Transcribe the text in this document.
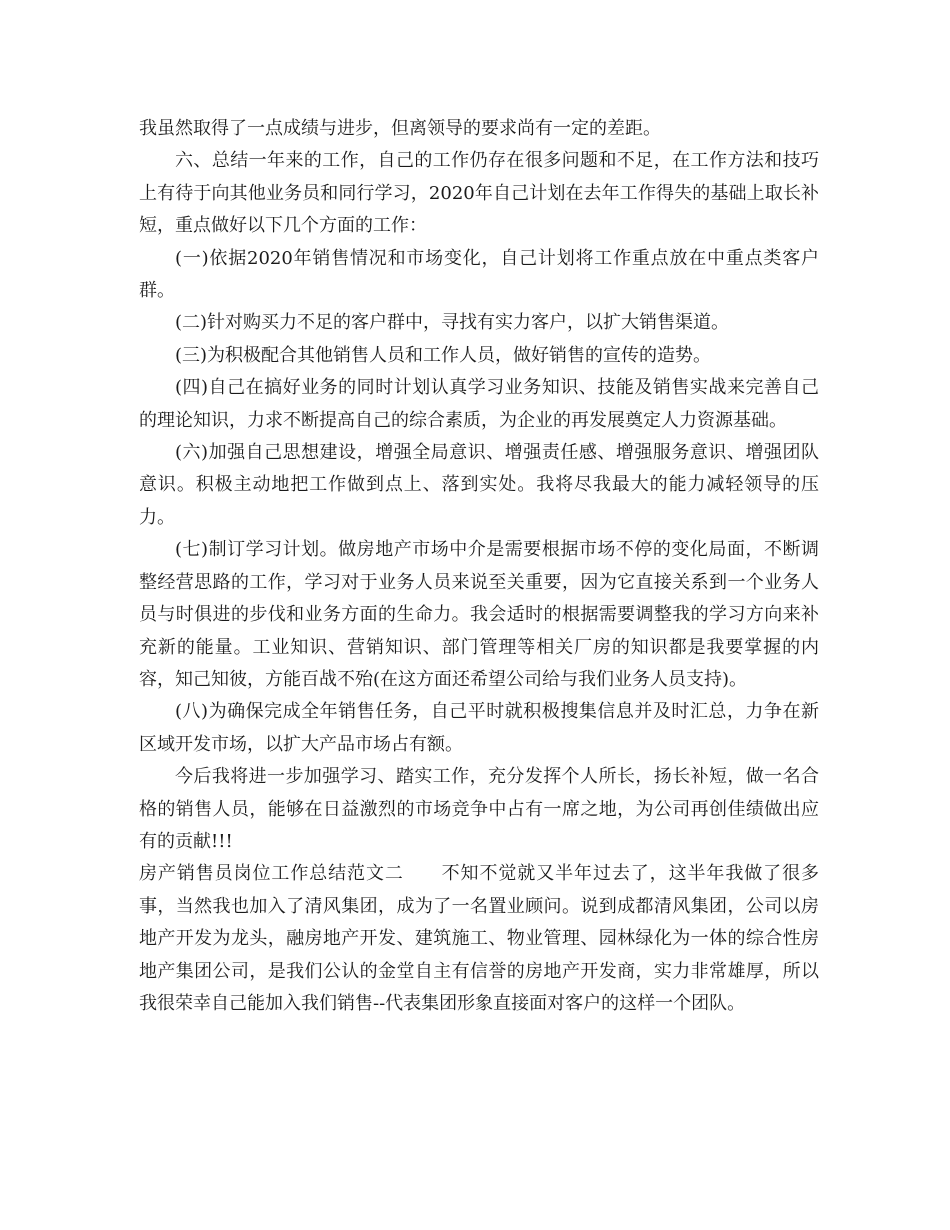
我虽然取得了一点成绩与进步，但离领导的要求尚有一定的差距。

六、总结一年来的工作，自己的工作仍存在很多问题和不足，在工作方法和技巧上有待于向其他业务员和同行学习，2020年自己计划在去年工作得失的基础上取长补短，重点做好以下几个方面的工作：

(一)依据2020年销售情况和市场变化，自己计划将工作重点放在中重点类客户群。

(二)针对购买力不足的客户群中，寻找有实力客户，以扩大销售渠道。

(三)为积极配合其他销售人员和工作人员，做好销售的宣传的造势。

(四)自己在搞好业务的同时计划认真学习业务知识、技能及销售实战来完善自己的理论知识，力求不断提高自己的综合素质，为企业的再发展奠定人力资源基础。

(六)加强自己思想建设，增强全局意识、增强责任感、增强服务意识、增强团队意识。积极主动地把工作做到点上、落到实处。我将尽我最大的能力减轻领导的压力。

(七)制订学习计划。做房地产市场中介是需要根据市场不停的变化局面，不断调整经营思路的工作，学习对于业务人员来说至关重要，因为它直接关系到一个业务人员与时俱进的步伐和业务方面的生命力。我会适时的根据需要调整我的学习方向来补充新的能量。工业知识、营销知识、部门管理等相关厂房的知识都是我要掌握的内容，知己知彼，方能百战不殆(在这方面还希望公司给与我们业务人员支持)。

(八)为确保完成全年销售任务，自己平时就积极搜集信息并及时汇总，力争在新区域开发市场，以扩大产品市场占有额。

今后我将进一步加强学习、踏实工作，充分发挥个人所长，扬长补短，做一名合格的销售人员，能够在日益激烈的市场竞争中占有一席之地，为公司再创佳绩做出应有的贡献!!!

房产销售员岗位工作总结范文二　　不知不觉就又半年过去了，这半年我做了很多事，当然我也加入了清风集团，成为了一名置业顾问。说到成都清风集团，公司以房地产开发为龙头，融房地产开发、建筑施工、物业管理、园林绿化为一体的综合性房地产集团公司，是我们公认的金堂自主有信誉的房地产开发商，实力非常雄厚，所以我很荣幸自己能加入我们销售--代表集团形象直接面对客户的这样一个团队。
